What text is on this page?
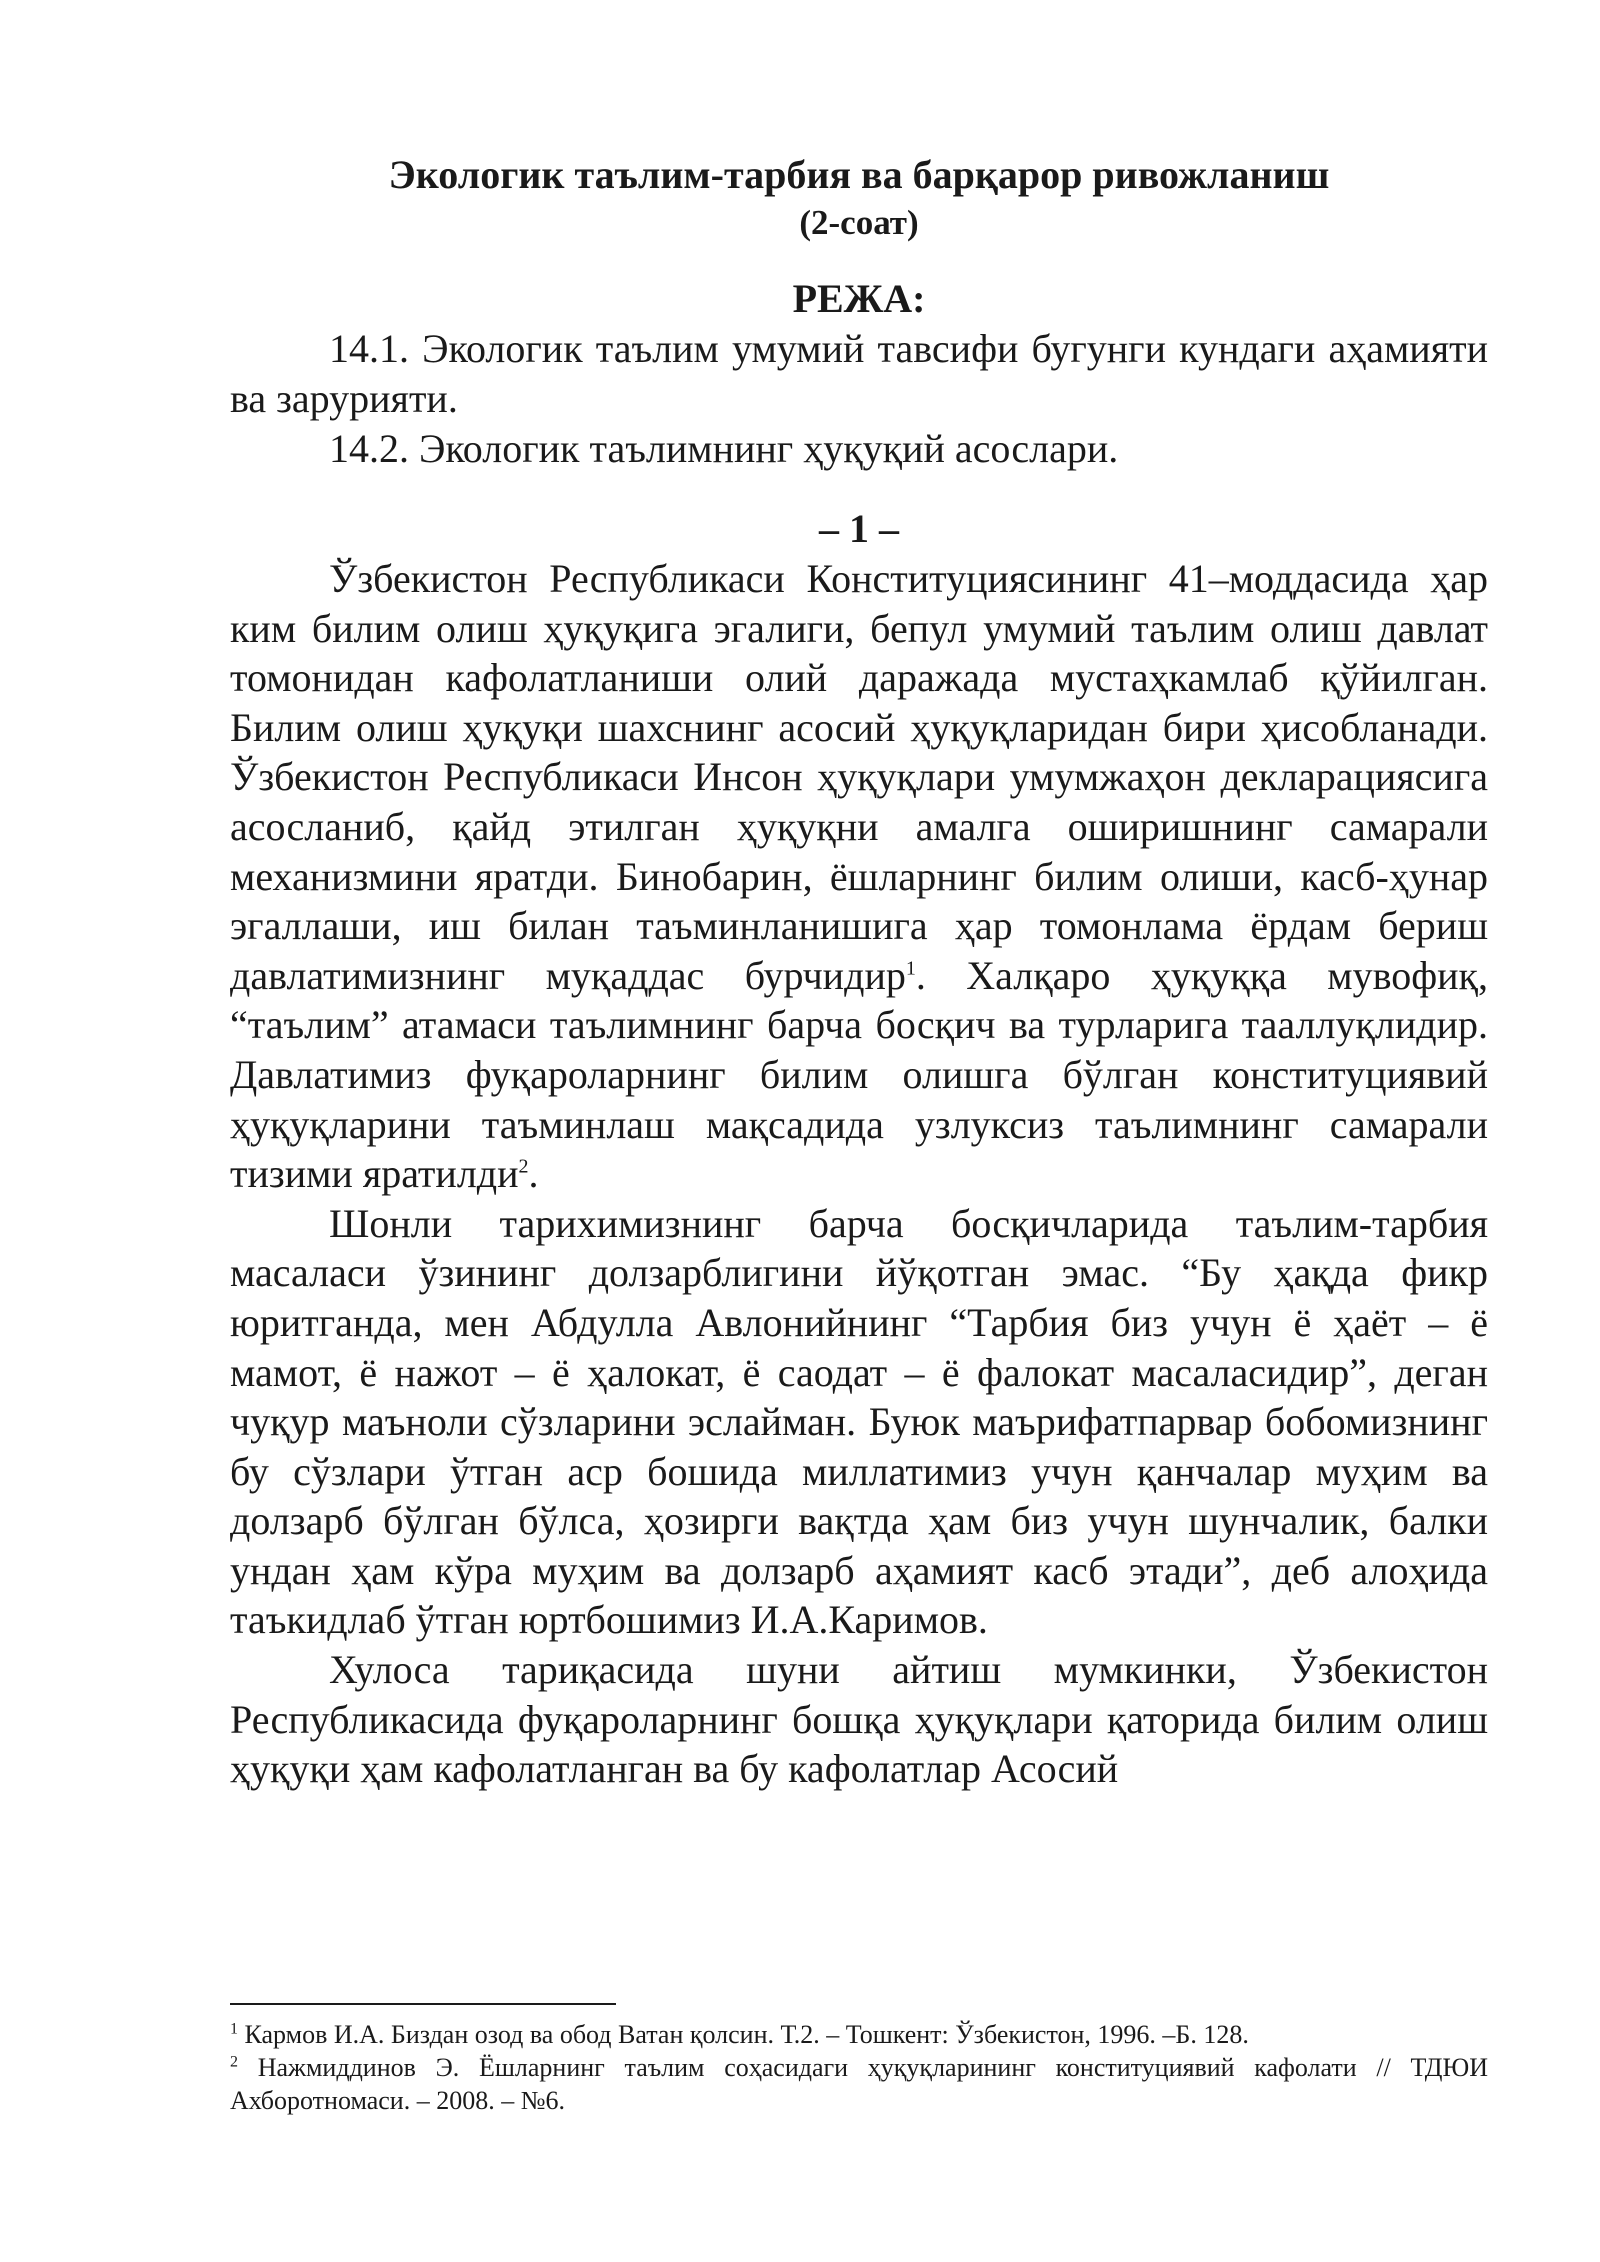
Экологик таълим-тарбия ва барқарор ривожланиш

(2-соат)

РЕЖА:
14.1. Экологик таълим умумий тавсифи бугунги кундаги аҳамияти ва зарурияти.
14.2. Экологик таълимнинг ҳуқуқий асослари.
– 1 –

Ўзбекистон Республикаси Конституциясининг 41–моддасида ҳар ким билим олиш ҳуқуқига эгалиги, бепул умумий таълим олиш давлат томонидан кафолатланиши олий даражада мустаҳкамлаб қўйилган. Билим олиш ҳуқуқи шахснинг асосий ҳуқуқларидан бири ҳисобланади. Ўзбекистон Республикаси Инсон ҳуқуқлари умумжаҳон декларациясига асосланиб, қайд этилган ҳуқуқни амалга оширишнинг самарали механизмини яратди. Бинобарин, ёшларнинг билим олиши, касб-ҳунар эгаллаши, иш билан таъминланишига ҳар томонлама ёрдам бериш давлатимизнинг муқаддас бурчидир$^1$. Халқаро ҳуқуққа мувофиқ, “таълим” атамаси таълимнинг барча босқич ва турларига тааллуқлидир. Давлатимиз фуқароларнинг билим олишга бўлган конституциявий ҳуқуқларини таъминлаш мақсадида узлуксиз таълимнинг самарали тизими яратилди$^2$.

Шонли тарихимизнинг барча босқичларида таълим-тарбия масаласи ўзининг долзарблигини йўқотган эмас. “Бу ҳақда фикр юритганда, мен Абдулла Авлонийнинг “Тарбия биз учун ё ҳаёт – ё мамот, ё нажот – ё ҳалокат, ё саодат – ё фалокат масаласидир”, деган чуқур маъноли сўзларини эслайман. Буюк маърифатпарвар бобомизнинг бу сўзлари ўтган аср бошида миллатимиз учун қанчалар муҳим ва долзарб бўлган бўлса, ҳозирги вақтда ҳам биз учун шунчалик, балки ундан ҳам кўра муҳим ва долзарб аҳамият касб этади”, деб алоҳида таъкидлаб ўтган юртбошимиз И.А.Каримов.

Хулоса тариқасида шуни айтиш мумкинки, Ўзбекистон Республикасида фуқароларнинг бошқа ҳуқуқлари қаторида билим олиш ҳуқуқи ҳам кафолатланган ва бу кафолатлар Асосий

$^1$ Кармов И.А. Биздан озод ва обод Ватан қолсин. Т.2. – Тошкент: Ўзбекистон, 1996. –Б. 128.

$^2$ Нажмиддинов Э. Ёшларнинг таълим соҳасидаги ҳуқуқларининг конституциявий кафолати // ТДЮИ Ахборотномаси. – 2008. – №6.
